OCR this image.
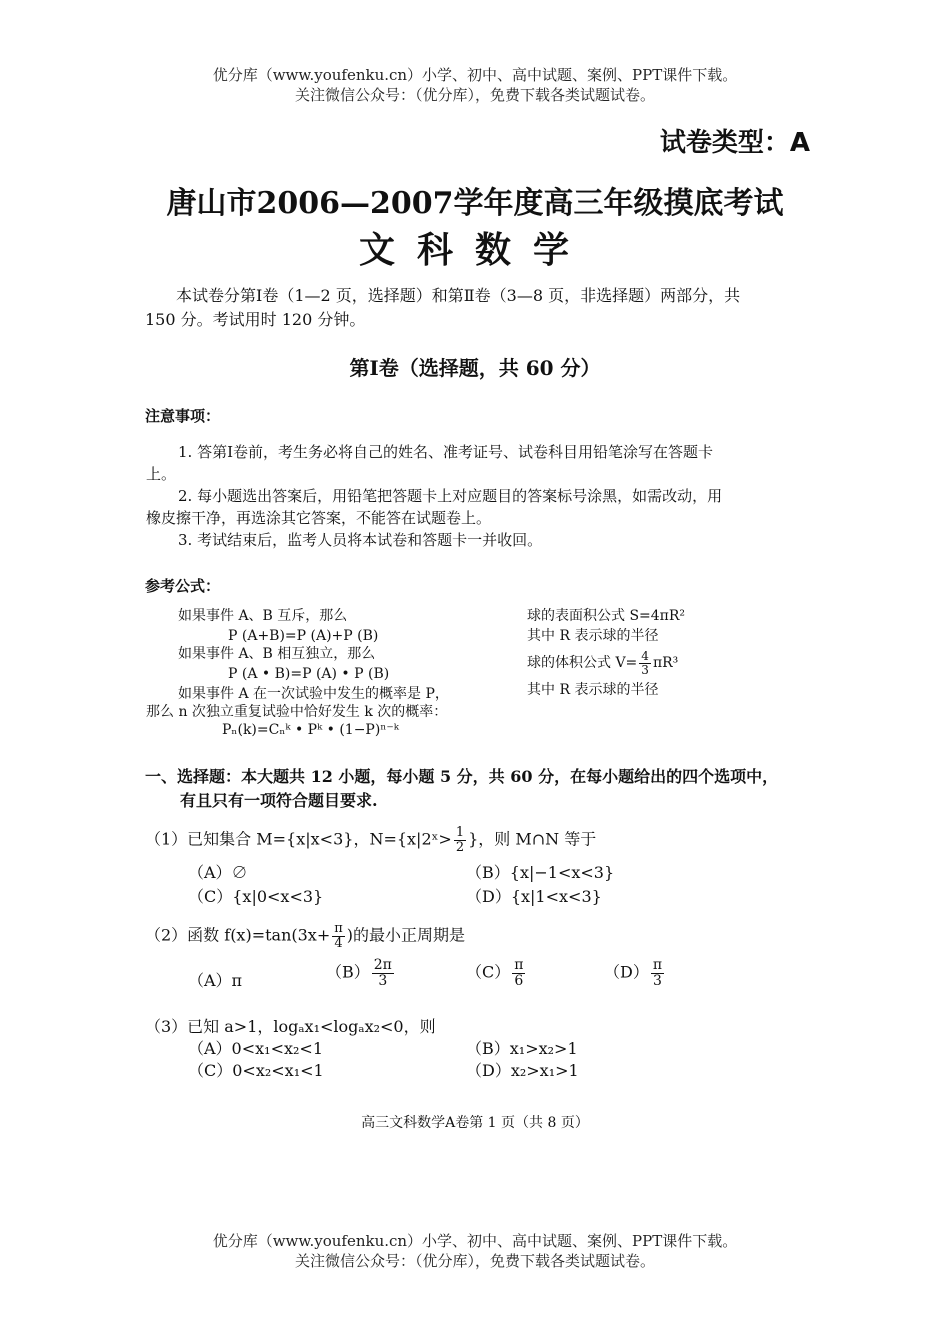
优分库（www.youfenku.cn）小学、初中、高中试题、案例、PPT课件下载。
关注微信公众号：（优分库），免费下载各类试题试卷。
试卷类型：A
唐山市2006—2007学年度高三年级摸底考试
文科数学
本试卷分第Ⅰ卷（1—2 页，选择题）和第Ⅱ卷（3—8 页，非选择题）两部分，共
150 分。考试用时 120 分钟。
第Ⅰ卷（选择题，共 60 分）
注意事项：
1. 答第Ⅰ卷前，考生务必将自己的姓名、准考证号、试卷科目用铅笔涂写在答题卡
上。
2. 每小题选出答案后，用铅笔把答题卡上对应题目的答案标号涂黑，如需改动，用
橡皮擦干净，再选涂其它答案，不能答在试题卷上。
3. 考试结束后，监考人员将本试卷和答题卡一并收回。
参考公式：
如果事件 A、B 互斥，那么
P (A+B)=P (A)+P (B)
如果事件 A、B 相互独立，那么
P (A • B)=P (A) • P (B)
如果事件 A 在一次试验中发生的概率是 P，
那么 n 次独立重复试验中恰好发生 k 次的概率：
Pₙ(k)=Cₙᵏ • Pᵏ • (1−P)ⁿ⁻ᵏ
球的表面积公式 S=4πR²
其中 R 表示球的半径
球的体积公式 $V= \frac{4}{3} \pi R^3$
其中 R 表示球的半径
一、选择题：本大题共 12 小题，每小题 5 分，共 60 分，在每小题给出的四个选项中，
有且只有一项符合题目要求.
（1）已知集合 M={x|x<3}，N={x|2ˣ> $\frac{1}{2}$ }，则 M∩N 等于
（A）∅	（B）{x|−1<x<3}
（C）{x|0<x<3}	（D）{x|1<x<3}
（2）函数 $f(x)=\tan(3x+ \frac{\pi}{4}$ )的最小正周期是
（A）π	$(B) \frac{2\pi}{3}$	$(C) \frac{\pi}{6}$	$(D) \frac{\pi}{3}$
（3）已知 a>1，logₐx₁<logₐx₂<0，则
（A）0<x₁<x₂<1	（B）x₁>x₂>1
（C）0<x₂<x₁<1	（D）x₂>x₁>1
高三文科数学A卷第 1 页（共 8 页）
优分库（www.youfenku.cn）小学、初中、高中试题、案例、PPT课件下载。
关注微信公众号：（优分库），免费下载各类试题试卷。
